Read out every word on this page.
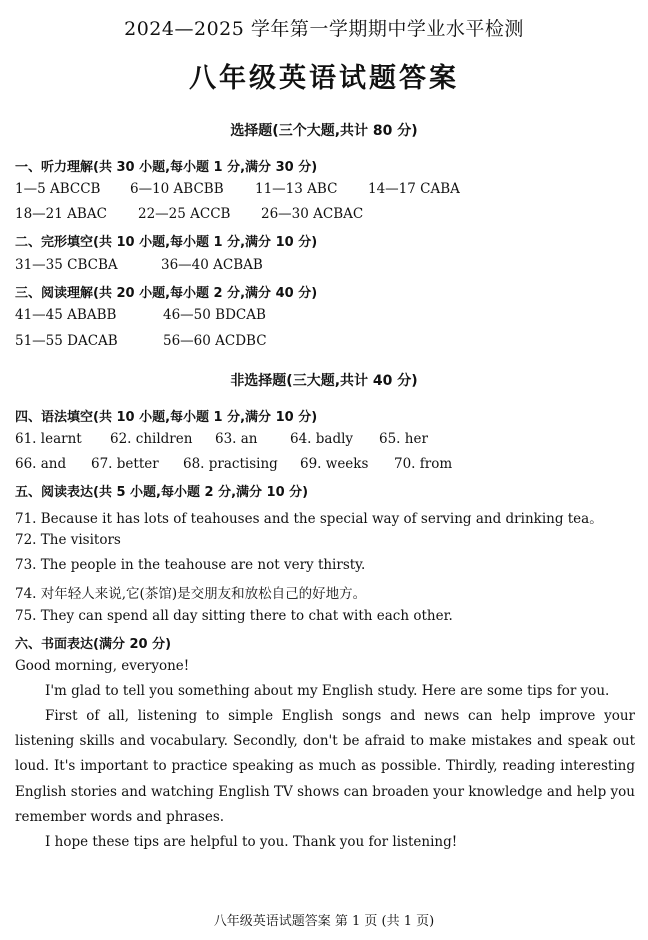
2024—2025 学年第一学期期中学业水平检测
八年级英语试题答案
选择题(三个大题,共计 80 分)
一、听力理解(共 30 小题,每小题 1 分,满分 30 分)
1—5 ABCCB 6—10 ABCBB 11—13 ABC 14—17 CABA
18—21 ABAC 22—25 ACCB 26—30 ACBAC
二、完形填空(共 10 小题,每小题 1 分,满分 10 分)
31—35 CBCBA	36—40 ACBAB
三、阅读理解(共 20 小题,每小题 2 分,满分 40 分)
41—45 ABABB	46—50 BDCAB
51—55 DACAB	56—60 ACDBC
非选择题(三大题,共计 40 分)
四、语法填空(共 10 小题,每小题 1 分,满分 10 分)
61. learnt 62. children 63. an 64. badly 65. her
66. and 67. better 68. practising 69. weeks 70. from
五、阅读表达(共 5 小题,每小题 2 分,满分 10 分)
71. Because it has lots of teahouses and the special way of serving and drinking tea。
72. The visitors
73. The people in the teahouse are not very thirsty.
74. 对年轻人来说,它(茶馆)是交朋友和放松自己的好地方。
75. They can spend all day sitting there to chat with each other.
六、书面表达(满分 20 分)
Good morning, everyone!
I'm glad to tell you something about my English study. Here are some tips for you.
First of all, listening to simple English songs and news can help improve your listening skills and vocabulary. Secondly, don't be afraid to make mistakes and speak out loud. It's important to practice speaking as much as possible. Thirdly, reading interesting English stories and watching English TV shows can broaden your knowledge and help you remember words and phrases.
I hope these tips are helpful to you. Thank you for listening!
八年级英语试题答案 第 1 页 (共 1 页)
